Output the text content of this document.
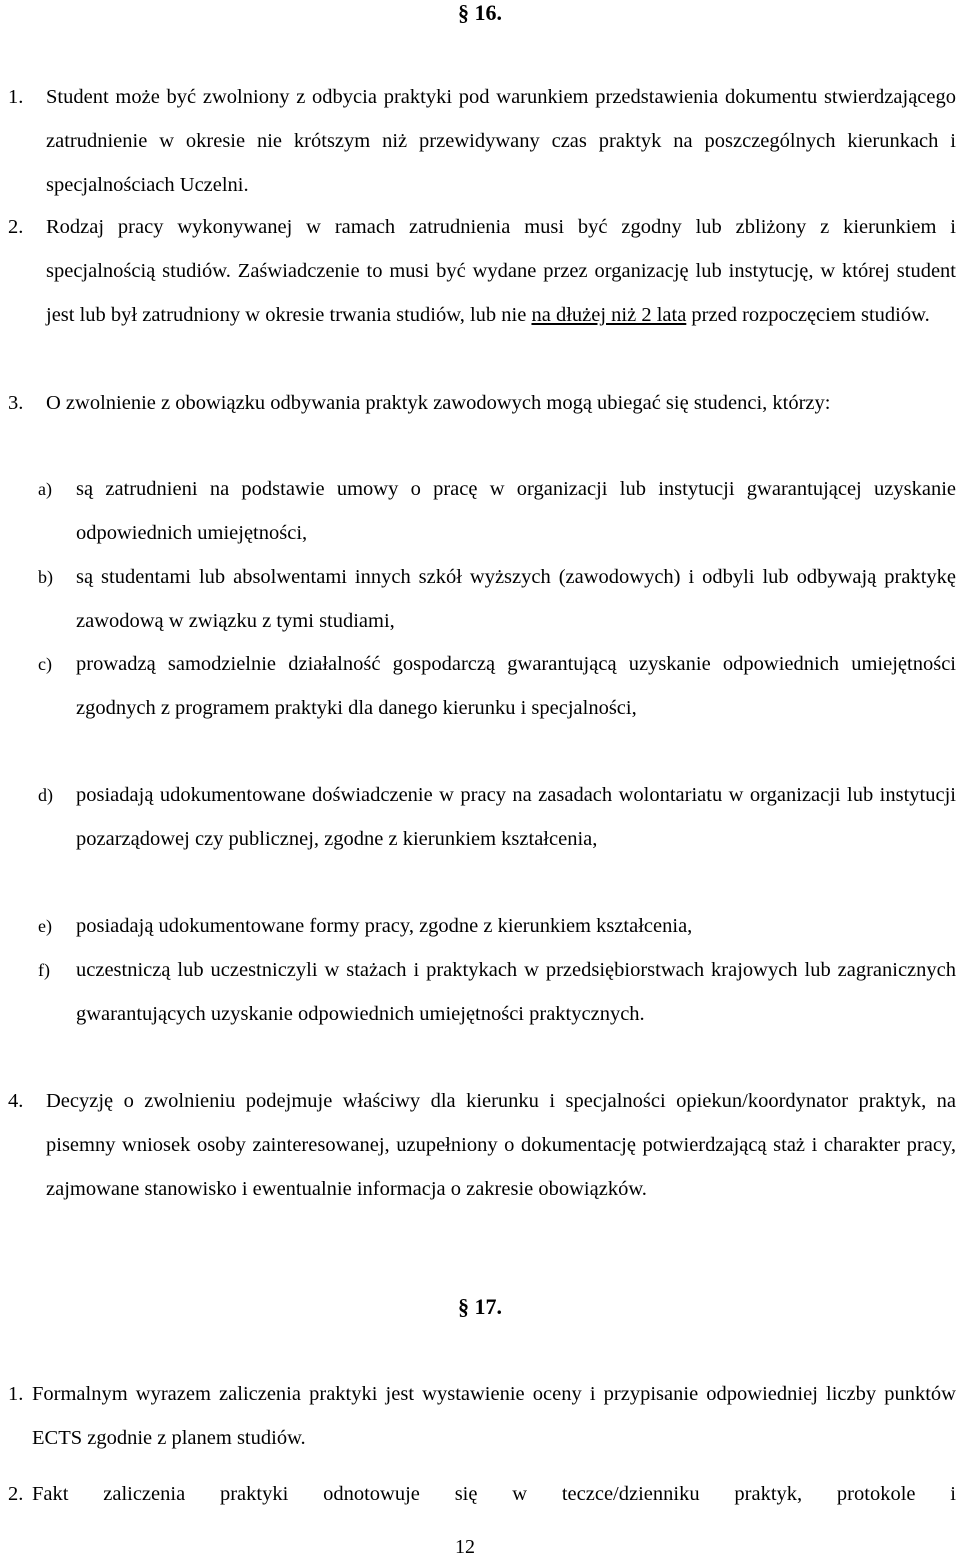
§ 16.
1. Student może być zwolniony z odbycia praktyki pod warunkiem przedstawienia dokumentu stwierdzającego zatrudnienie w okresie nie krótszym niż przewidywany czas praktyk na poszczególnych kierunkach i specjalnościach Uczelni.
2. Rodzaj pracy wykonywanej w ramach zatrudnienia musi być zgodny lub zbliżony z kierunkiem i specjalnością studiów. Zaświadczenie to musi być wydane przez organizację lub instytucję, w której student jest lub był zatrudniony w okresie trwania studiów, lub nie na dłużej niż 2 lata przed rozpoczęciem studiów.
3. O zwolnienie z obowiązku odbywania praktyk zawodowych mogą ubiegać się studenci, którzy:
a) są zatrudnieni na podstawie umowy o pracę w organizacji lub instytucji gwarantującej uzyskanie odpowiednich umiejętności,
b) są studentami lub absolwentami innych szkół wyższych (zawodowych) i odbyli lub odbywają praktykę zawodową w związku z tymi studiami,
c) prowadzą samodzielnie działalność gospodarczą gwarantującą uzyskanie odpowiednich umiejętności zgodnych z programem praktyki dla danego kierunku i specjalności,
d) posiadają udokumentowane doświadczenie w pracy na zasadach wolontariatu w organizacji lub instytucji pozarządowej czy publicznej, zgodne z kierunkiem kształcenia,
e) posiadają udokumentowane formy pracy, zgodne z kierunkiem kształcenia,
f) uczestniczą lub uczestniczyli w stażach i praktykach w przedsiębiorstwach krajowych lub zagranicznych gwarantujących uzyskanie odpowiednich umiejętności praktycznych.
4. Decyzję o zwolnieniu podejmuje właściwy dla kierunku i specjalności opiekun/koordynator praktyk, na pisemny wniosek osoby zainteresowanej, uzupełniony o dokumentację potwierdzającą staż i charakter pracy, zajmowane stanowisko i ewentualnie informacja o zakresie obowiązków.
§ 17.
1. Formalnym wyrazem zaliczenia praktyki jest wystawienie oceny i przypisanie odpowiedniej liczby punktów ECTS zgodnie z planem studiów.
2. Fakt zaliczenia praktyki odnotowuje się w teczce/dzienniku praktyk, protokole i
12
